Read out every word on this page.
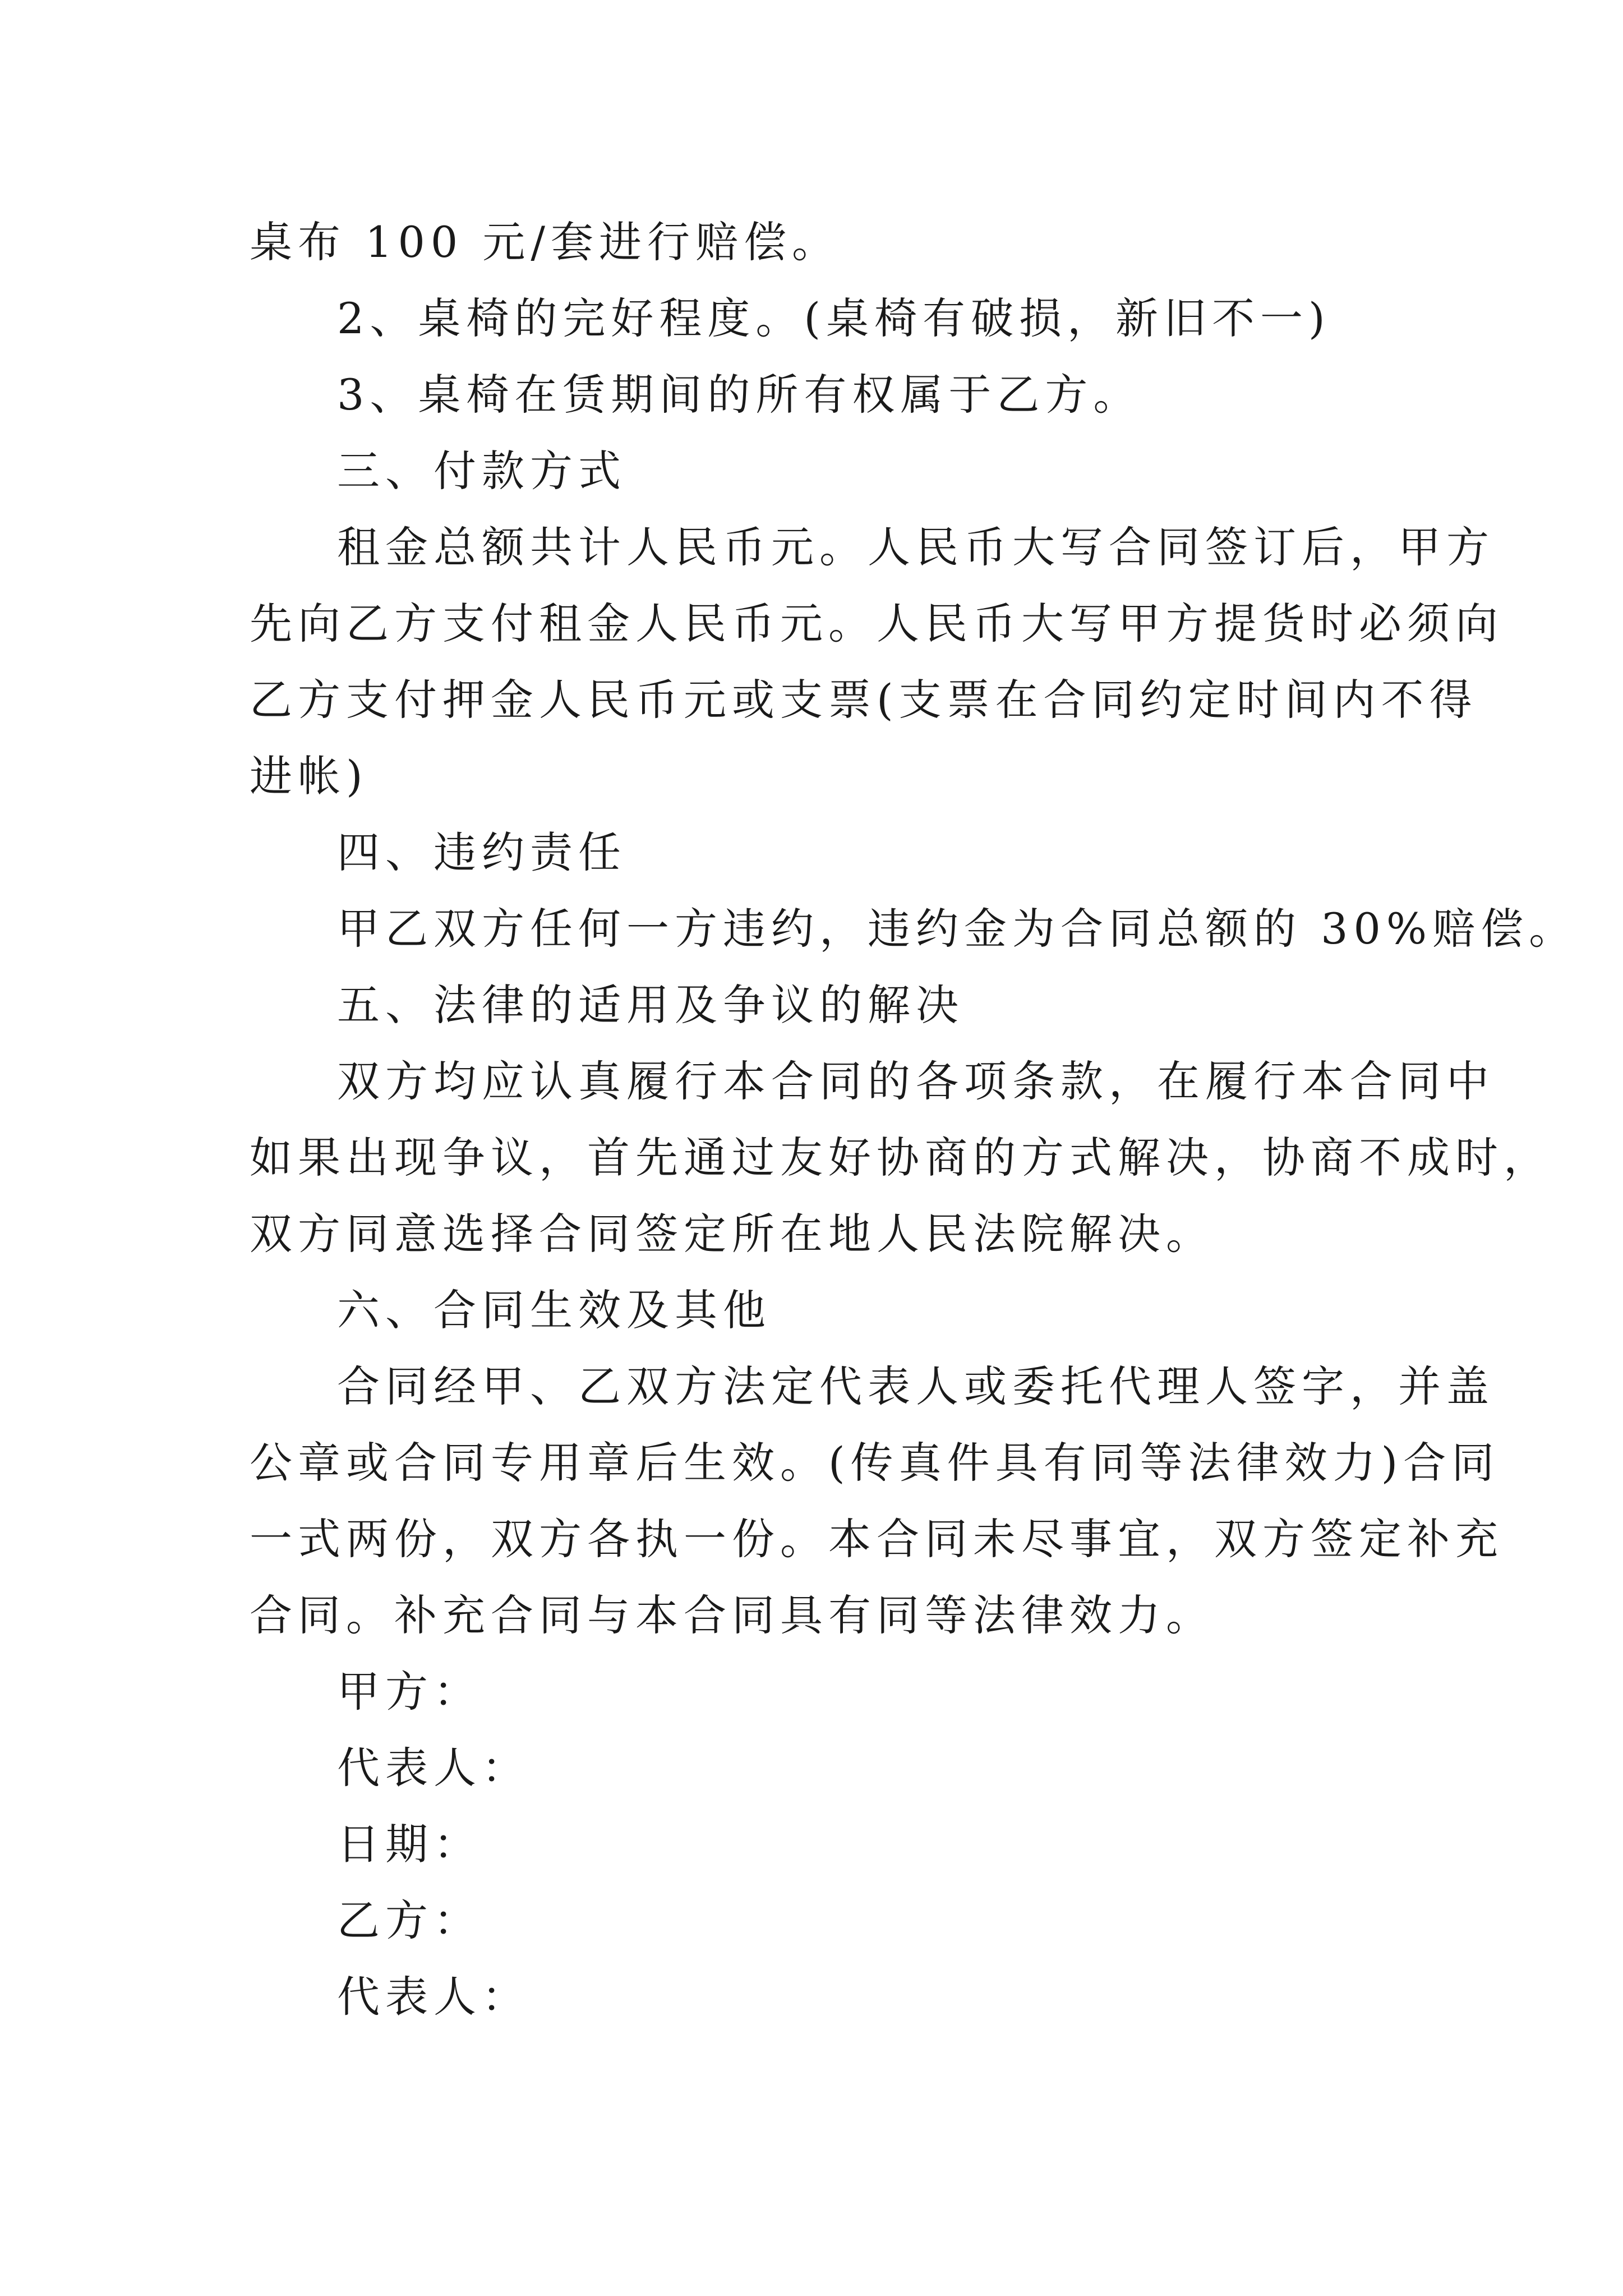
桌布 100 元/套进行赔偿。
2、桌椅的完好程度。(桌椅有破损，新旧不一)
3、桌椅在赁期间的所有权属于乙方。
三、付款方式
租金总额共计人民币元。人民币大写合同签订后，甲方
先向乙方支付租金人民币元。人民币大写甲方提货时必须向
乙方支付押金人民币元或支票(支票在合同约定时间内不得
进帐)
四、违约责任
甲乙双方任何一方违约，违约金为合同总额的 30%赔偿。
五、法律的适用及争议的解决
双方均应认真履行本合同的各项条款，在履行本合同中
如果出现争议，首先通过友好协商的方式解决，协商不成时，
双方同意选择合同签定所在地人民法院解决。
六、合同生效及其他
合同经甲、乙双方法定代表人或委托代理人签字，并盖
公章或合同专用章后生效。(传真件具有同等法律效力)合同
一式两份，双方各执一份。本合同未尽事宜，双方签定补充
合同。补充合同与本合同具有同等法律效力。
甲方：
代表人：
日期：
乙方：
代表人：
